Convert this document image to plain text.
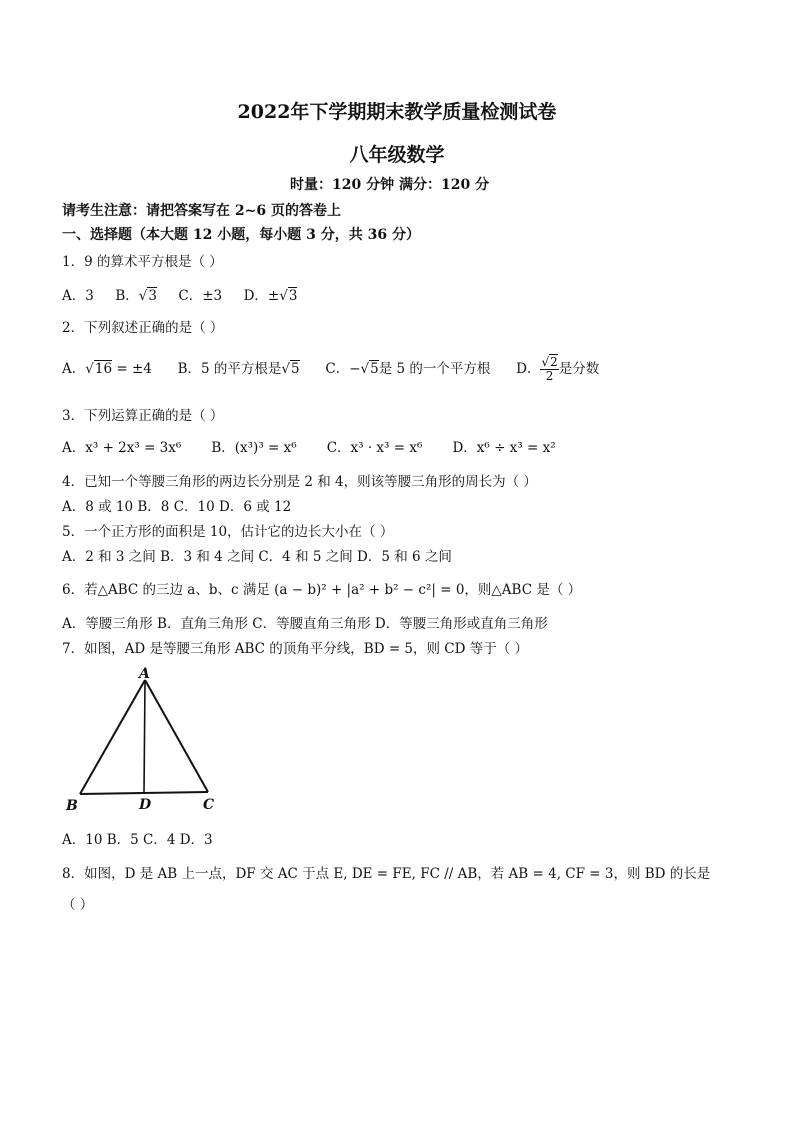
2022年下学期期末教学质量检测试卷
八年级数学
时量：120 分钟 满分：120 分
请考生注意：请把答案写在 2~6 页的答卷上
一、选择题（本大题 12 小题，每小题 3 分，共 36 分）
1．9 的算术平方根是（ ）
A．3 B．√3 C．±3 D．±√3
2．下列叙述正确的是（ ）
A．√16 = ±4 B．5 的平方根是√5 C．−√5是 5 的一个平方根 D． $\frac{√2}{2}$ 是分数
3．下列运算正确的是（ ）
A．x³ + 2x³ = 3x⁶ B．(x³)³ = x⁶ C．x³ · x³ = x⁶ D．x⁶ ÷ x³ = x²
4．已知一个等腰三角形的两边长分别是 2 和 4，则该等腰三角形的周长为（ ）
A．8 或 10 B．8 C．10 D．6 或 12
5．一个正方形的面积是 10，估计它的边长大小在（ ）
A．2 和 3 之间 B．3 和 4 之间 C．4 和 5 之间 D．5 和 6 之间
6．若△ABC 的三边 a、b、c 满足 (a − b)² + |a² + b² − c²| = 0，则△ABC 是（ ）
A．等腰三角形 B．直角三角形 C．等腰直角三角形 D．等腰三角形或直角三角形
7．如图，AD 是等腰三角形 ABC 的顶角平分线，BD = 5，则 CD 等于（ ）
A
B	D	C
A．10 B．5 C．4 D．3
8．如图，D 是 AB 上一点，DF 交 AC 于点 E, DE = FE, FC // AB，若 AB = 4, CF = 3，则 BD 的长是
（ ）
